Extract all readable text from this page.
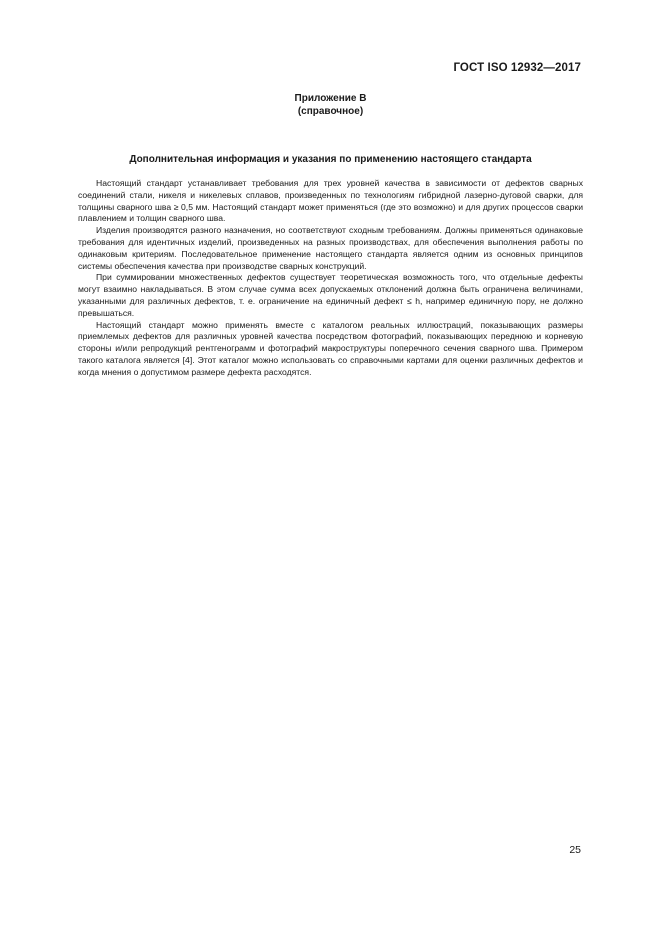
ГОСТ ISO 12932—2017
Приложение В
(справочное)
Дополнительная информация и указания по применению настоящего стандарта

Настоящий стандарт устанавливает требования для трех уровней качества в зависимости от дефектов сварных соединений стали, никеля и никелевых сплавов, произведенных по технологиям гибридной лазерно-дуговой сварки, для толщины сварного шва ≥ 0,5 мм. Настоящий стандарт может применяться (где это возможно) и для других процессов сварки плавлением и толщин сварного шва.

Изделия производятся разного назначения, но соответствуют сходным требованиям. Должны применяться одинаковые требования для идентичных изделий, произведенных на разных производствах, для обеспечения выполнения работы по одинаковым критериям. Последовательное применение настоящего стандарта является одним из основных принципов системы обеспечения качества при производстве сварных конструкций.

При суммировании множественных дефектов существует теоретическая возможность того, что отдельные дефекты могут взаимно накладываться. В этом случае сумма всех допускаемых отклонений должна быть ограничена величинами, указанными для различных дефектов, т. е. ограничение на единичный дефект ≤ h, например единичную пору, не должно превышаться.

Настоящий стандарт можно применять вместе с каталогом реальных иллюстраций, показывающих размеры приемлемых дефектов для различных уровней качества посредством фотографий, показывающих переднюю и корневую стороны и/или репродукций рентгенограмм и фотографий макроструктуры поперечного сечения сварного шва. Примером такого каталога является [4]. Этот каталог можно использовать со справочными картами для оценки различных дефектов и когда мнения о допустимом размере дефекта расходятся.

25
